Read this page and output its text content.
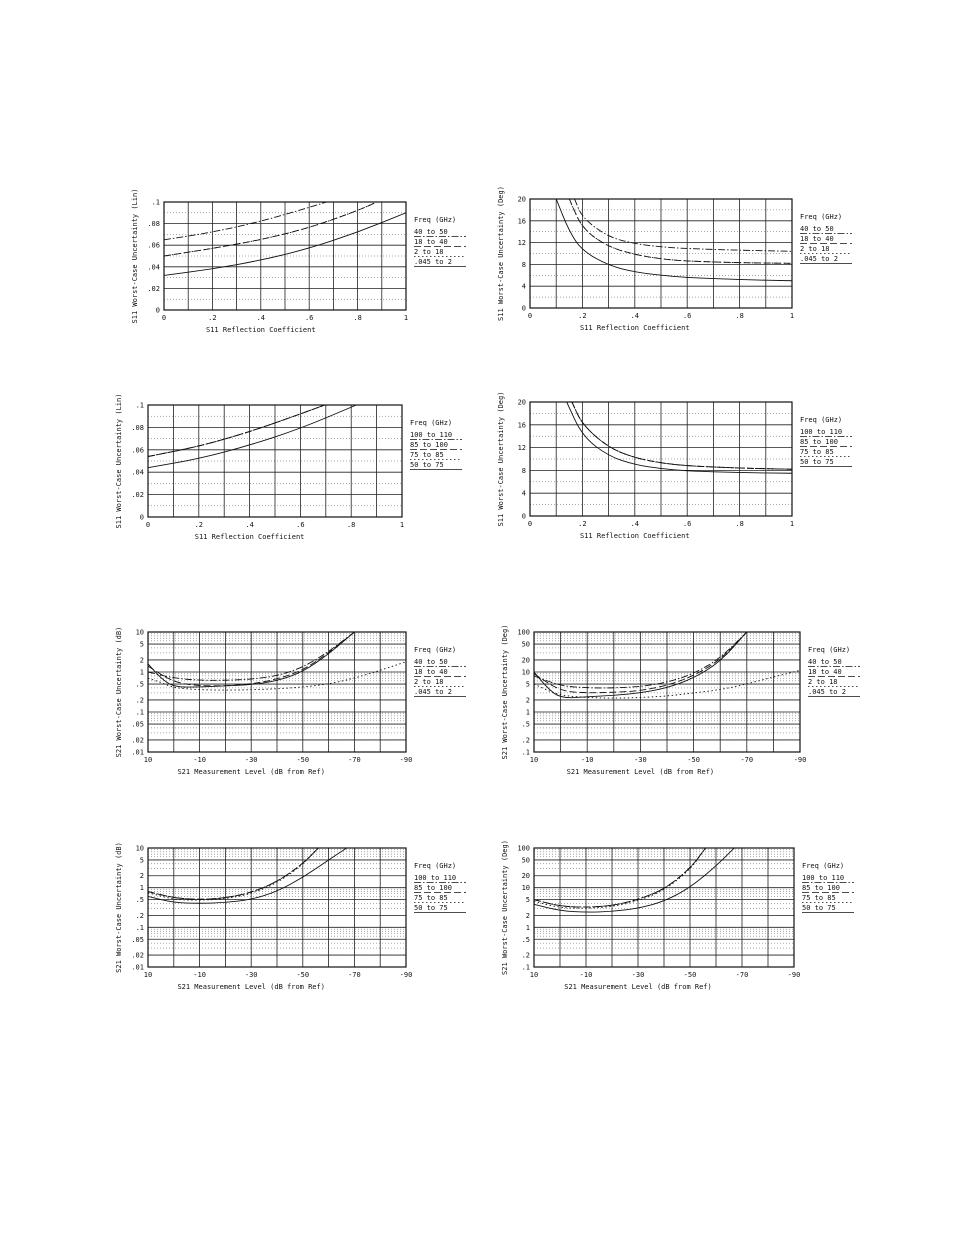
0	.2	.4	.6	.8	1
0
.02
.04
.06
.08
.1
S11 Reflection Coefficient
S11 Worst-Case Uncertainty (Lin)	Freq (GHz)
40 to 50
18 to 40
2 to 18
.045 to 2
0	.2	.4	.6	.8	1
0
4
8
12
16
20
S11 Reflection Coefficient
S11 Worst-Case Uncertainty (Deg)	Freq (GHz)
40 to 50
18 to 40
2 to 18
.045 to 2
0	.2	.4	.6	.8	1
0
.02
.04
.06
.08
.1
S11 Reflection Coefficient
S11 Worst-Case Uncertainty (Lin)	Freq (GHz)
100 to 110
85 to 100
75 to 85
50 to 75
0	.2	.4	.6	.8	1
0
4
8
12
16
20
S11 Reflection Coefficient
S11 Worst-Case Uncertainty (Deg)	Freq (GHz)
100 to 110
85 to 100
75 to 85
50 to 75
10	-10	-30	-50	-70	-90
10
5
2
1
.5
.2
.1
.05
.02
.01
S21 Measurement Level (dB from Ref)
S21 Worst-Case Uncertainty (dB)	Freq (GHz)
40 to 50
18 to 40
2 to 18
.045 to 2
10	-10	-30	-50	-70	-90
100
50
20
10
5
2
1
.5
.2
.1
S21 Measurement Level (dB from Ref)
S21 Worst-Case Uncertainty (Deg)	Freq (GHz)
40 to 50
18 to 40
2 to 18
.045 to 2
10	-10	-30	-50	-70	-90
10
5
2
1
.5
.2
.1
.05
.02
.01
S21 Measurement Level (dB from Ref)
S21 Worst-Case Uncertainty (dB)	Freq (GHz)
100 to 110
85 to 100
75 to 85
50 to 75
10	-10	-30	-50	-70	-90
100
50
20
10
5
2
1
.5
.2
.1
S21 Measurement Level (dB from Ref)
S21 Worst-Case Uncertainty (Deg)	Freq (GHz)
100 to 110
85 to 100
75 to 85
50 to 75
